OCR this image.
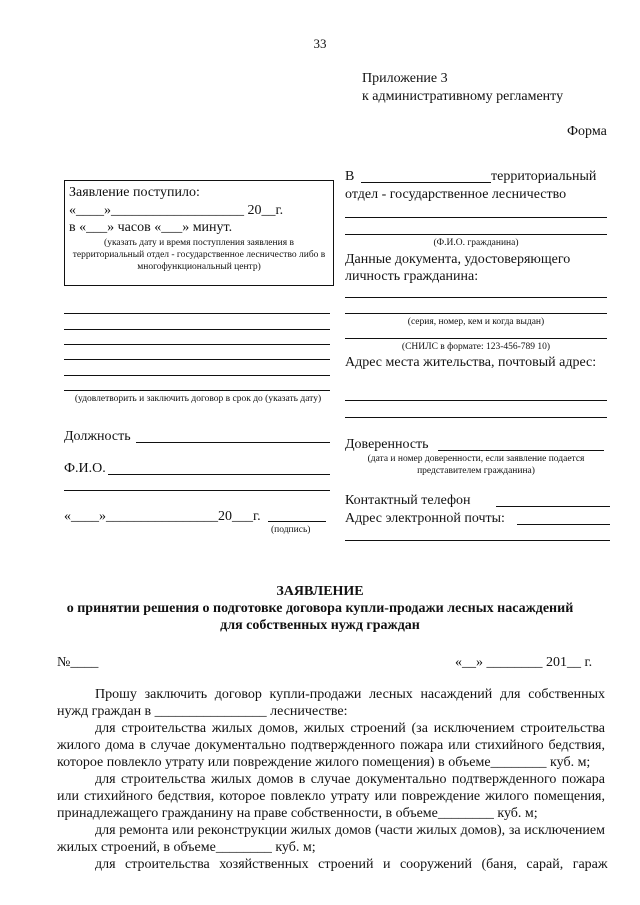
33
Приложение 3
к административному регламенту
Форма
Заявление поступило:
«____»___________________ 20__г.
в «___» часов «___» минут.
(указать дату и время поступления заявления в территориальный отдел - государственное лесничество либо в многофункциональный центр)
(удовлетворить и заключить договор в срок до (указать дату)
Должность
Ф.И.О.
«____»________________20___г.
(подпись)
В	территориальный
отдел - государственное лесничество
(Ф.И.О. гражданина)
Данные документа, удостоверяющего личность гражданина:
(серия, номер, кем и когда выдан)
(СНИЛС в формате: 123-456-789 10)
Адрес места жительства, почтовый адрес:
Доверенность
(дата и номер доверенности, если заявление подается представителем гражданина)
Контактный телефон
Адрес электронной почты:
ЗАЯВЛЕНИЕ
о принятии решения о подготовке договора купли-продажи лесных насаждений
для собственных нужд граждан
№____	«__» ________ 201__ г.
Прошу заключить договор купли-продажи лесных насаждений для собственных нужд граждан в ________________ лесничестве:
для строительства жилых домов, жилых строений (за исключением строительства жилого дома в случае документально подтвержденного пожара или стихийного бедствия, которое повлекло утрату или повреждение жилого помещения) в объеме________ куб. м;
для строительства жилых домов в случае документально подтвержденного пожара или стихийного бедствия, которое повлекло утрату или повреждение жилого помещения, принадлежащего гражданину на праве собственности, в объеме________ куб. м;
для ремонта или реконструкции жилых домов (части жилых домов), за исключением жилых строений, в объеме________ куб. м;
для строительства хозяйственных строений и сооружений (баня, сарай, гараж
